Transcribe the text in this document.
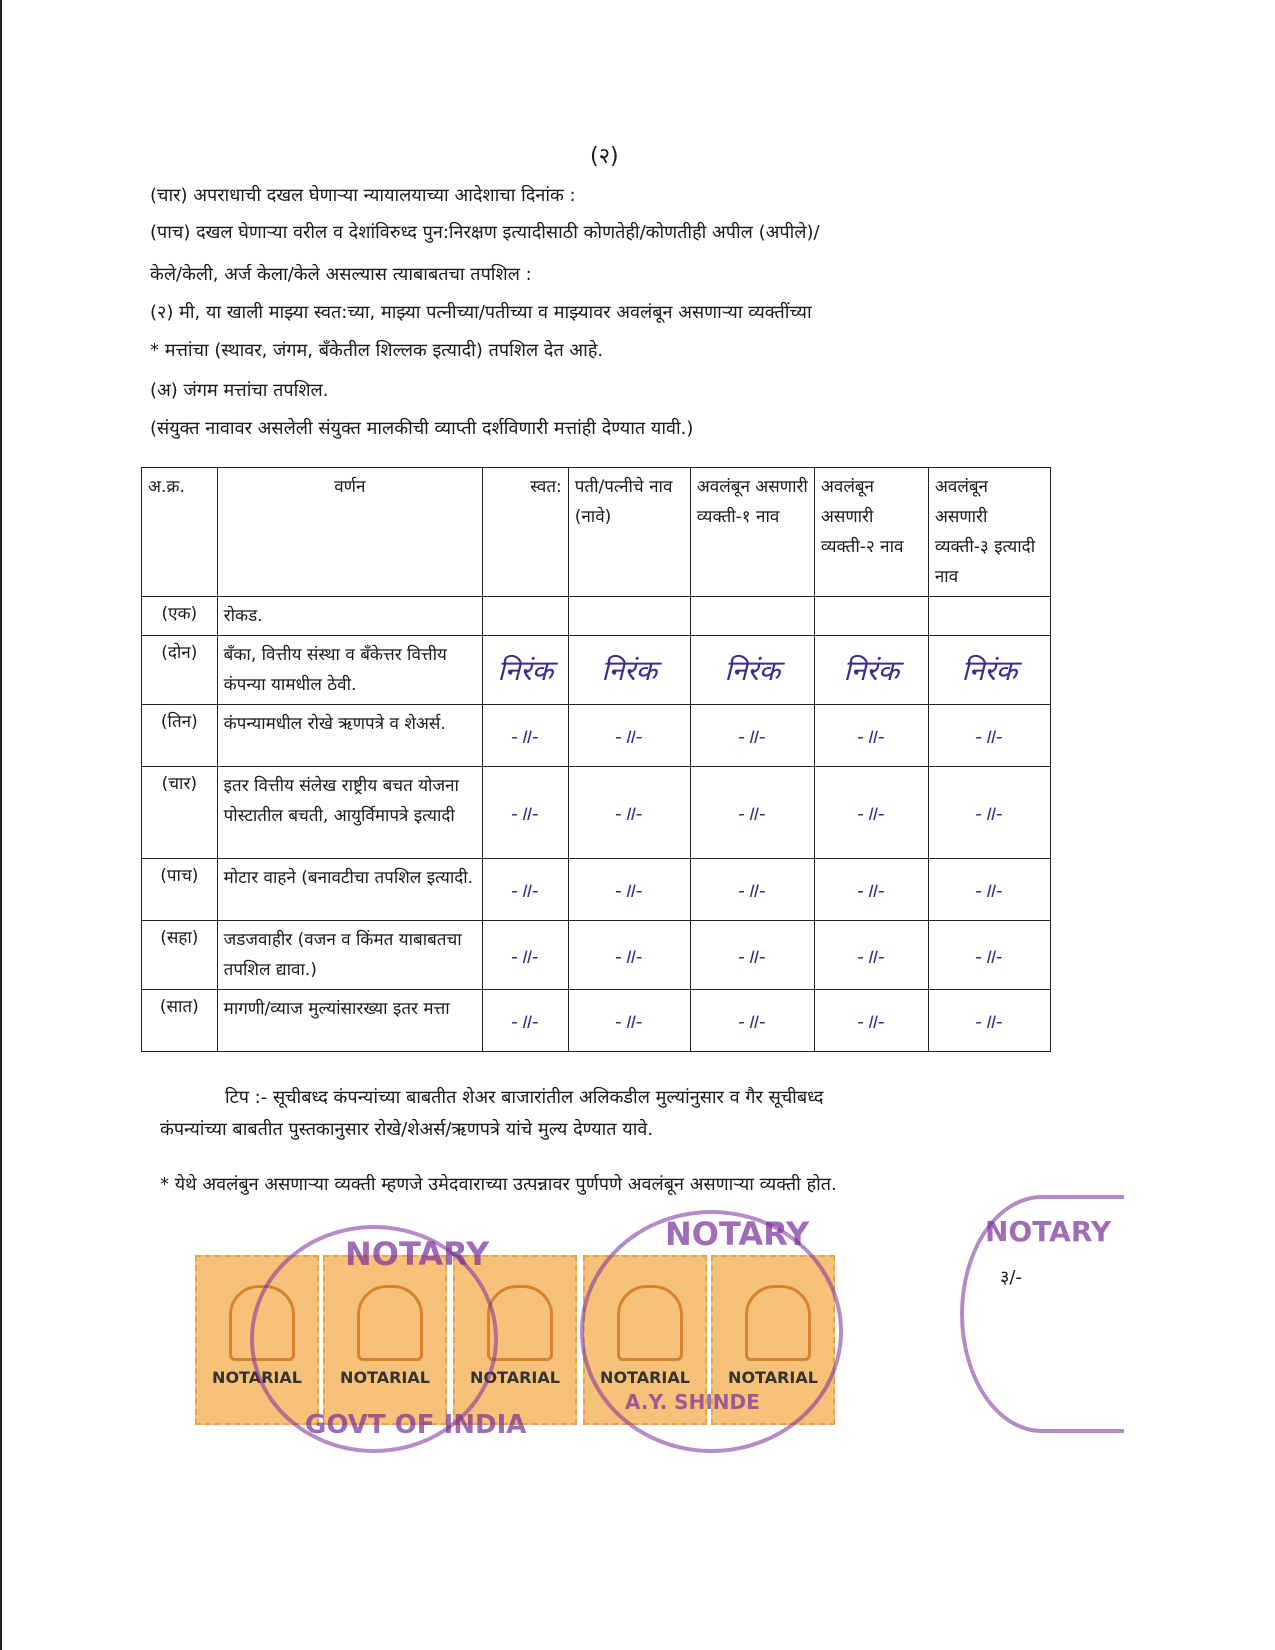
(२)
(चार) अपराधाची दखल घेणाऱ्या न्यायालयाच्या आदेशाचा दिनांक :
(पाच) दखल घेणाऱ्या वरील व देशांविरुध्द पुन:निरक्षण इत्यादीसाठी कोणतेही/कोणतीही अपील (अपीले)/
केले/केली, अर्ज केला/केले असल्यास त्याबाबतचा तपशिल :
(२) मी, या खाली माझ्या स्वत:च्या, माझ्या पत्नीच्या/पतीच्या व माझ्यावर अवलंबून असणाऱ्या व्यक्तींच्या
* मत्तांचा (स्थावर, जंगम, बँकेतील शिल्लक इत्यादी) तपशिल देत आहे.
(अ) जंगम मत्तांचा तपशिल.
(संयुक्त नावावर असलेली संयुक्त मालकीची व्याप्ती दर्शविणारी मत्तांही देण्यात यावी.)
अ.क्र.	वर्णन	स्वत:	पती/पत्नीचे नाव (नावे)	अवलंबून असणारी व्यक्ती-१ नाव	अवलंबून असणारी व्यक्ती-२ नाव	अवलंबून असणारी व्यक्ती-३ इत्यादी नाव
(एक)	रोकड.					
(दोन)	बँका, वित्तीय संस्था व बँकेत्तर वित्तीय कंपन्या यामधील ठेवी.	निरंक	निरंक	निरंक	निरंक	निरंक
(तिन)	कंपन्यामधील रोखे ऋणपत्रे व शेअर्स.	-॥-	-॥-	-॥-	-॥-	-॥-
(चार)	इतर वित्तीय संलेख राष्ट्रीय बचत योजना पोस्टातील बचती, आयुर्विमापत्रे इत्यादी	-॥-	-॥-	-॥-	-॥-	-॥-
(पाच)	मोटार वाहने (बनावटीचा तपशिल इत्यादी.	-॥-	-॥-	-॥-	-॥-	-॥-
(सहा)	जडजवाहीर (वजन व किंमत याबाबतचा तपशिल द्यावा.)	-॥-	-॥-	-॥-	-॥-	-॥-
(सात)	मागणी/व्याज मुल्यांसारख्या इतर मत्ता	-॥-	-॥-	-॥-	-॥-	-॥-
टिप :- सूचीबध्द कंपन्यांच्या बाबतीत शेअर बाजारांतील अलिकडील मुल्यांनुसार व गैर सूचीबध्द
कंपन्यांच्या बाबतीत पुस्तकानुसार रोखे/शेअर्स/ऋणपत्रे यांचे मुल्य देण्यात यावे.
* येथे अवलंबुन असणाऱ्या व्यक्ती म्हणजे उमेदवाराच्या उत्पन्नावर पुर्णपणे अवलंबून असणाऱ्या व्यक्ती होत.
NOTARIAL	NOTARIAL	NOTARIAL	NOTARIAL	NOTARIAL
NOTARY
NOTARY
GOVT OF INDIA
A.Y. SHINDE
NOTARY
३/-
